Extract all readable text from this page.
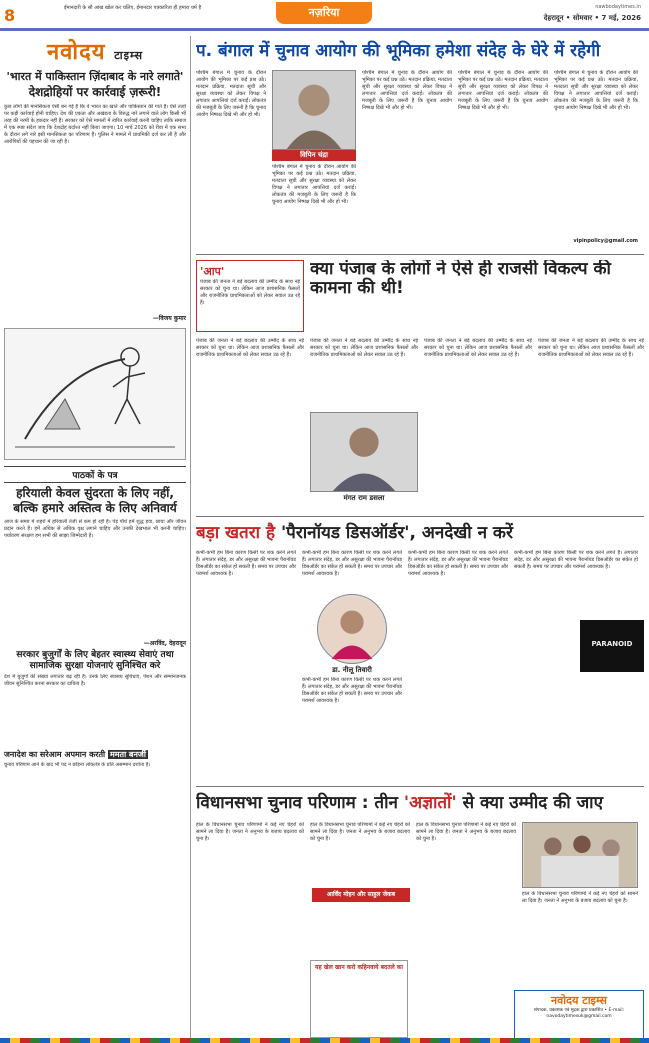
8	ईमानदारी के सौ आंख खोल कर चलिए, ईमानदार पत्रकारिता ही हमारा धर्म है	नज़रिया	nawbodaytimes.in
देहरादून • सोमवार • 7 मई, 2026
नवोदय टाइम्स
'भारत में पाकिस्तान ज़िंदाबाद के नारे लगाते'
देशद्रोहियों पर कार्रवाई ज़रूरी!
कुछ लोगों की मानसिकता ऐसी बन गई है कि वे भारत का खाते और पाकिस्तान की गाते हैं। ऐसे तत्वों पर कड़ी कार्रवाई होनी चाहिए। देश की एकता और अखंडता के विरुद्ध नारे लगाने वाले लोग किसी भी तरह की नरमी के हकदार नहीं हैं। सरकार को ऐसे मामलों में त्वरित कार्रवाई करनी चाहिए ताकि समाज में एक स्पष्ट संदेश जाए कि देशद्रोह बर्दाश्त नहीं किया जाएगा। 10 मार्च 2026 को रीवा में एक सभा के दौरान लगे नारे इसी मानसिकता का परिणाम हैं। पुलिस ने मामले में प्राथमिकी दर्ज कर ली है और आरोपियों की पहचान की जा रही है।
—विजय कुमार
पाठकों के पत्र
हरियाली केवल सुंदरता के लिए नहीं,
बल्कि हमारे अस्तित्व के लिए अनिवार्य
आज के समय में शहरों में हरियाली तेजी से कम हो रही है। पेड़ पौधे हमें शुद्ध हवा, छाया और जीवन प्रदान करते हैं। हमें अधिक से अधिक वृक्ष लगाने चाहिए और उनकी देखभाल भी करनी चाहिए। पर्यावरण संरक्षण हम सभी की साझा जिम्मेदारी है।
—अरविंद, देहरादून
सरकार बुजुर्गों के लिए बेहतर स्वास्थ्य सेवाएं तथा सामाजिक सुरक्षा योजनाएं सुनिश्चित करे
देश में बुजुर्गों की संख्या लगातार बढ़ रही है। उनके लिए स्वास्थ्य सुविधाएं, पेंशन और सम्मानजनक जीवन सुनिश्चित करना सरकार का दायित्व है।
जनादेश का सरेआम अपमान करती ममता बनर्जी
चुनाव परिणाम आने के बाद भी पद न छोड़ना लोकतंत्र के प्रति असम्मान दर्शाता है।
प. बंगाल में चुनाव आयोग की भूमिका हमेशा संदेह के घेरे में रहेगी
पश्चिम बंगाल में चुनाव के दौरान आयोग की भूमिका पर कई प्रश्न उठे। मतदान प्रक्रिया, मतदाता सूची और सुरक्षा व्यवस्था को लेकर विपक्ष ने लगातार आपत्तियां दर्ज कराईं। लोकतंत्र की मजबूती के लिए जरूरी है कि चुनाव आयोग निष्पक्ष दिखे भी और हो भी।
विपिन चंद्रा
पश्चिम बंगाल में चुनाव के दौरान आयोग की भूमिका पर कई प्रश्न उठे। मतदान प्रक्रिया, मतदाता सूची और सुरक्षा व्यवस्था को लेकर विपक्ष ने लगातार आपत्तियां दर्ज कराईं। लोकतंत्र की मजबूती के लिए जरूरी है कि चुनाव आयोग निष्पक्ष दिखे भी और हो भी।
पश्चिम बंगाल में चुनाव के दौरान आयोग की भूमिका पर कई प्रश्न उठे। मतदान प्रक्रिया, मतदाता सूची और सुरक्षा व्यवस्था को लेकर विपक्ष ने लगातार आपत्तियां दर्ज कराईं। लोकतंत्र की मजबूती के लिए जरूरी है कि चुनाव आयोग निष्पक्ष दिखे भी और हो भी।
पश्चिम बंगाल में चुनाव के दौरान आयोग की भूमिका पर कई प्रश्न उठे। मतदान प्रक्रिया, मतदाता सूची और सुरक्षा व्यवस्था को लेकर विपक्ष ने लगातार आपत्तियां दर्ज कराईं। लोकतंत्र की मजबूती के लिए जरूरी है कि चुनाव आयोग निष्पक्ष दिखे भी और हो भी।
पश्चिम बंगाल में चुनाव के दौरान आयोग की भूमिका पर कई प्रश्न उठे। मतदान प्रक्रिया, मतदाता सूची और सुरक्षा व्यवस्था को लेकर विपक्ष ने लगातार आपत्तियां दर्ज कराईं। लोकतंत्र की मजबूती के लिए जरूरी है कि चुनाव आयोग निष्पक्ष दिखे भी और हो भी।
vipinpolicy@gmail.com
'आप'
पंजाब की जनता ने बड़े बदलाव की उम्मीद के साथ नई सरकार को चुना था। लेकिन आज प्रशासनिक फैसलों और राजनीतिक प्राथमिकताओं को लेकर सवाल उठ रहे हैं।
क्या पंजाब के लोगों ने ऐसे ही राजसी विकल्प की कामना की थी!
पंजाब की जनता ने बड़े बदलाव की उम्मीद के साथ नई सरकार को चुना था। लेकिन आज प्रशासनिक फैसलों और राजनीतिक प्राथमिकताओं को लेकर सवाल उठ रहे हैं।
पंजाब की जनता ने बड़े बदलाव की उम्मीद के साथ नई सरकार को चुना था। लेकिन आज प्रशासनिक फैसलों और राजनीतिक प्राथमिकताओं को लेकर सवाल उठ रहे हैं।
मंगत राम डसला
पंजाब की जनता ने बड़े बदलाव की उम्मीद के साथ नई सरकार को चुना था। लेकिन आज प्रशासनिक फैसलों और राजनीतिक प्राथमिकताओं को लेकर सवाल उठ रहे हैं।
पंजाब की जनता ने बड़े बदलाव की उम्मीद के साथ नई सरकार को चुना था। लेकिन आज प्रशासनिक फैसलों और राजनीतिक प्राथमिकताओं को लेकर सवाल उठ रहे हैं।
बड़ा खतरा है 'पैरानॉयड डिसऑर्डर', अनदेखी न करें
कभी-कभी हम बिना कारण किसी पर शक करने लगते हैं। लगातार संदेह, डर और असुरक्षा की भावना पैरानॉयड डिसऑर्डर का संकेत हो सकती है। समय पर उपचार और परामर्श आवश्यक है।
कभी-कभी हम बिना कारण किसी पर शक करने लगते हैं। लगातार संदेह, डर और असुरक्षा की भावना पैरानॉयड डिसऑर्डर का संकेत हो सकती है। समय पर उपचार और परामर्श आवश्यक है।
डा. नीलू तिवारी
कभी-कभी हम बिना कारण किसी पर शक करने लगते हैं। लगातार संदेह, डर और असुरक्षा की भावना पैरानॉयड डिसऑर्डर का संकेत हो सकती है। समय पर उपचार और परामर्श आवश्यक है।
कभी-कभी हम बिना कारण किसी पर शक करने लगते हैं। लगातार संदेह, डर और असुरक्षा की भावना पैरानॉयड डिसऑर्डर का संकेत हो सकती है। समय पर उपचार और परामर्श आवश्यक है।
कभी-कभी हम बिना कारण किसी पर शक करने लगते हैं। लगातार संदेह, डर और असुरक्षा की भावना पैरानॉयड डिसऑर्डर का संकेत हो सकती है। समय पर उपचार और परामर्श आवश्यक है।
PARANOID
विधानसभा चुनाव परिणाम : तीन 'अज्ञातों' से क्या उम्मीद की जाए
हाल के विधानसभा चुनाव परिणामों ने कई नए चेहरों को सामने ला दिया है। जनता ने अनुभव के बजाय बदलाव को चुना है।
हाल के विधानसभा चुनाव परिणामों ने कई नए चेहरों को सामने ला दिया है। जनता ने अनुभव के बजाय बदलाव को चुना है।
हाल के विधानसभा चुनाव परिणामों ने कई नए चेहरों को सामने ला दिया है। जनता ने अनुभव के बजाय बदलाव को चुना है।
हाल के विधानसभा चुनाव परिणामों ने कई नए चेहरों को सामने ला दिया है। जनता ने अनुभव के बजाय बदलाव को चुना है।
आर्विंद मोहन और साहुल जेकब
यह खेल खान करो कहिनवाये बदतले का
नवोदय टाइम्स
संपादक, प्रकाशक एवं मुद्रक द्वारा प्रकाशित • E-mail: navodaytimesuk@gmail.com
